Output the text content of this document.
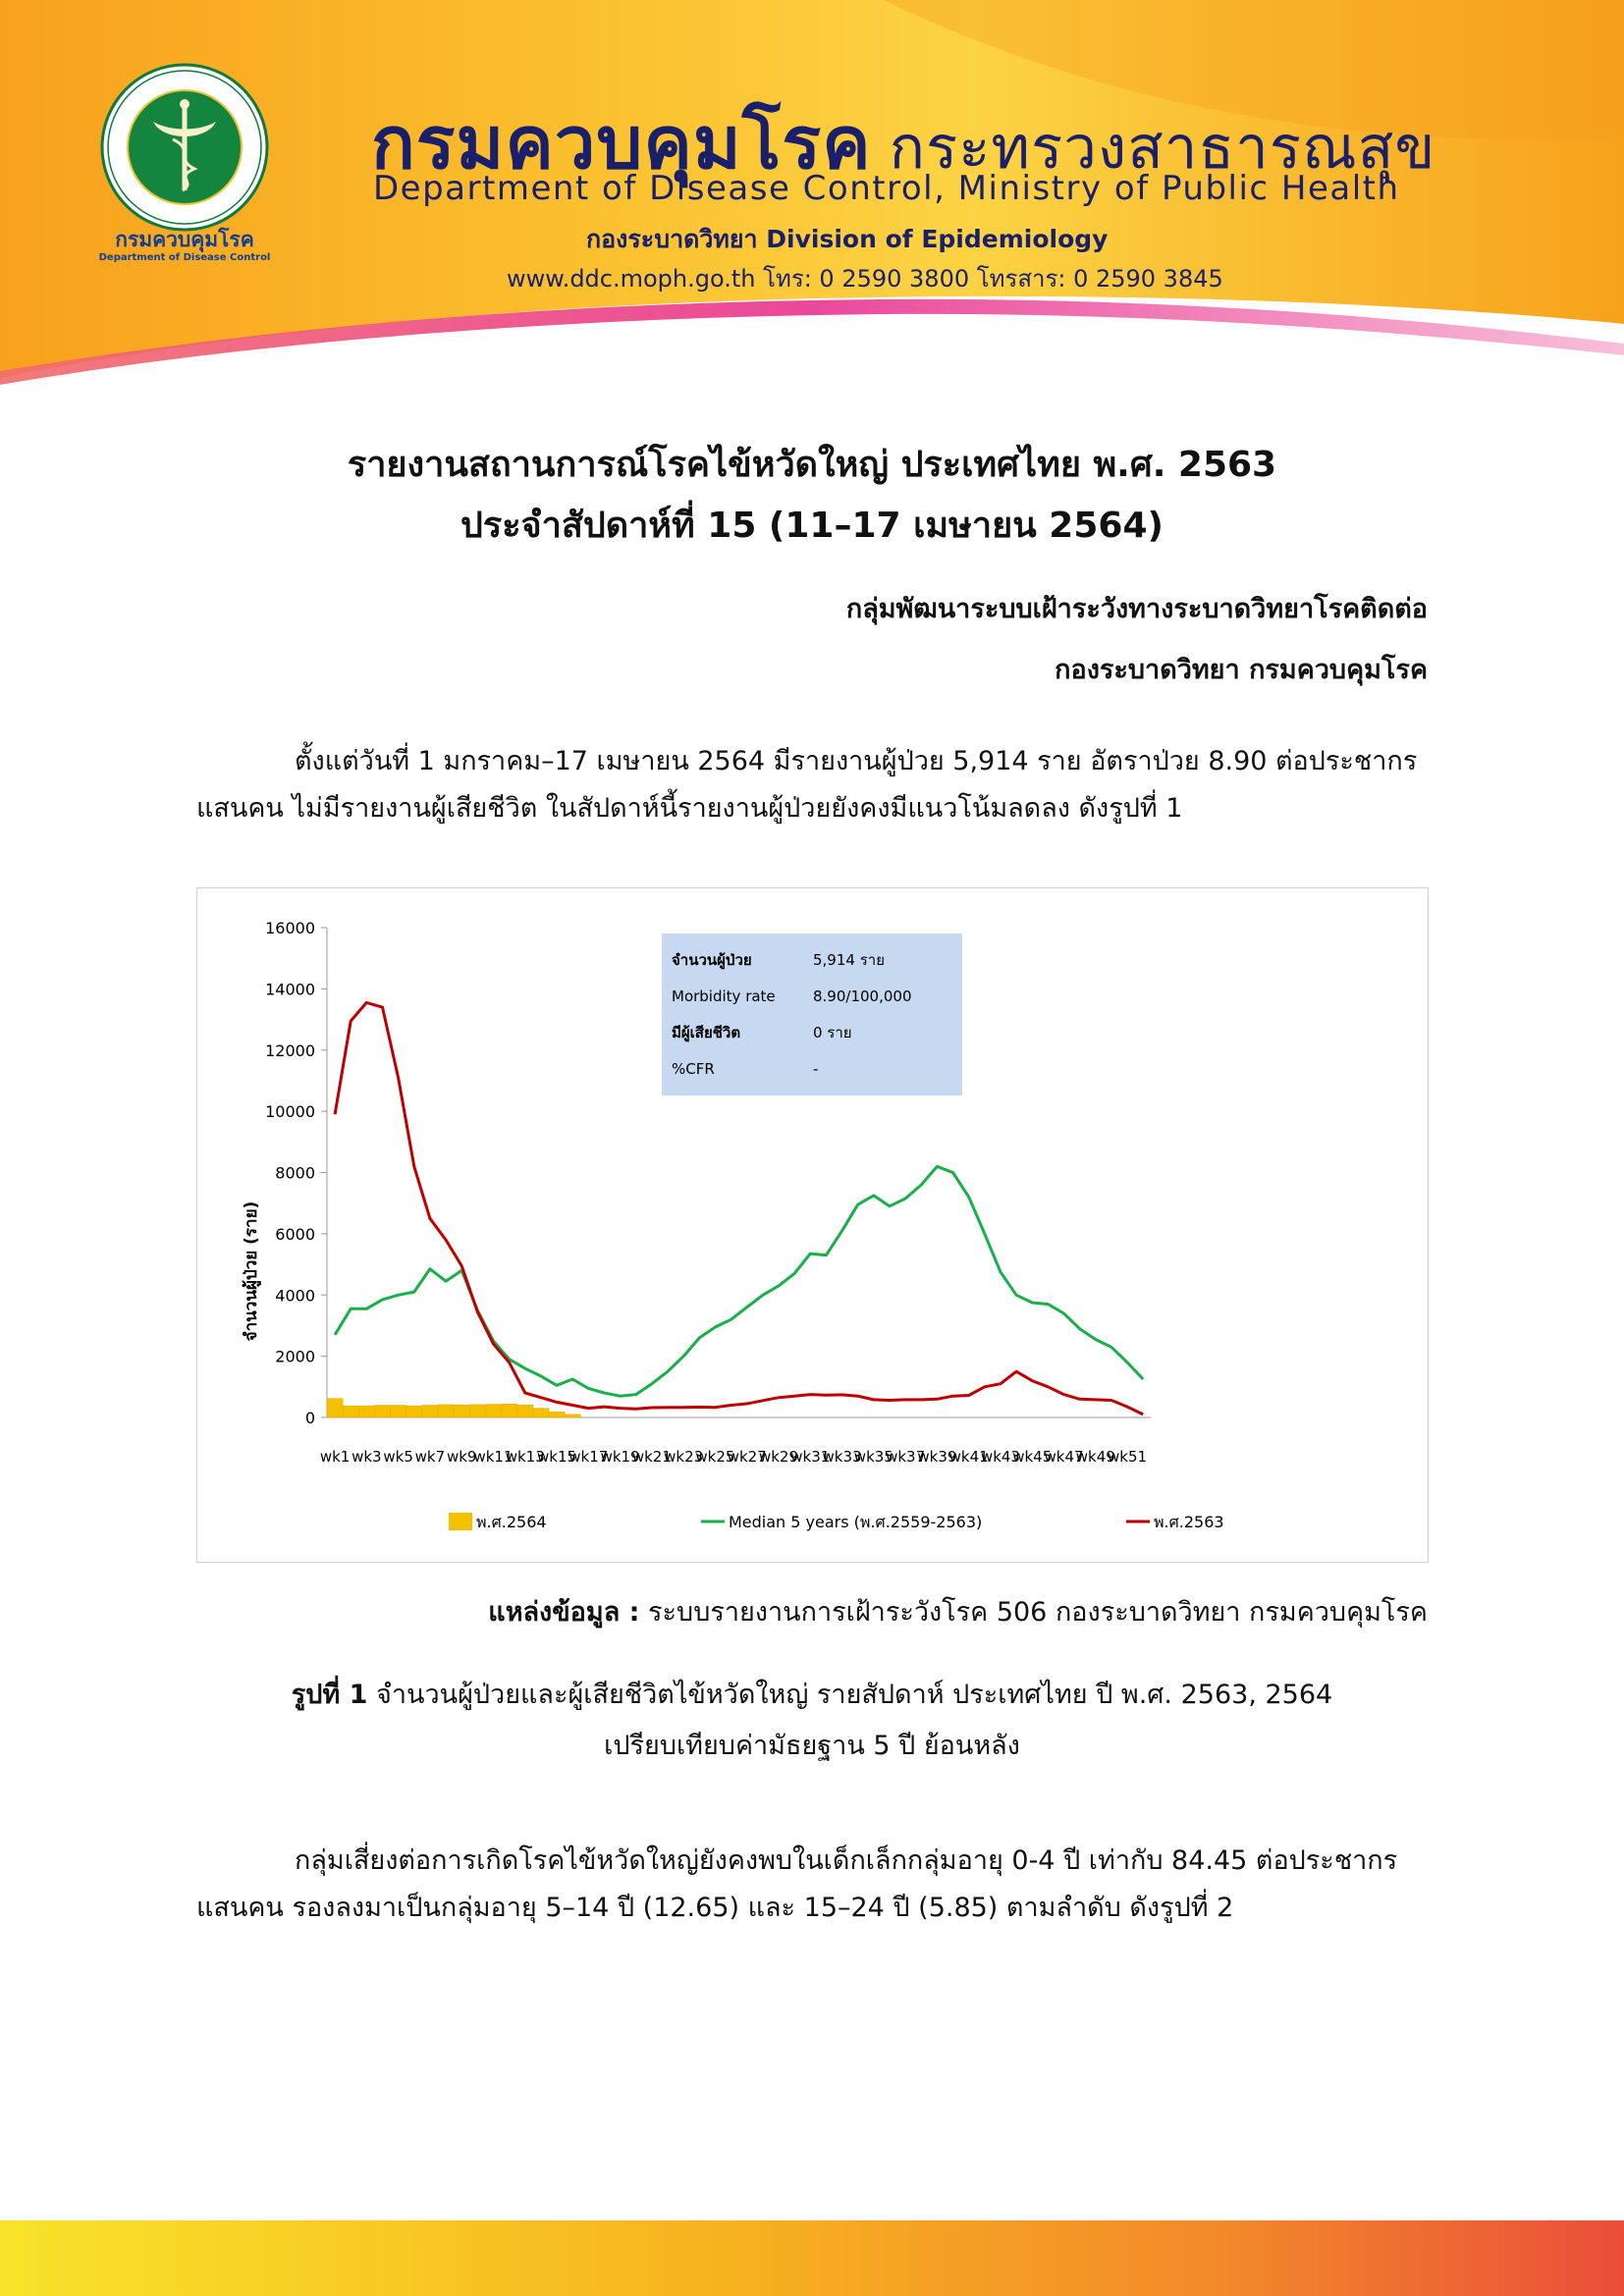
กรมควบคุมโรค
Department of Disease Control
กรมควบคุมโรค กระทรวงสาธารณสุข
Department of Disease Control, Ministry of Public Health
กองระบาดวิทยา Division of Epidemiology
www.ddc.moph.go.th โทร: 0 2590 3800 โทรสาร: 0 2590 3845
รายงานสถานการณ์โรคไข้หวัดใหญ่ ประเทศไทย พ.ศ. 2563
ประจำสัปดาห์ที่ 15 (11–17 เมษายน 2564)
กลุ่มพัฒนาระบบเฝ้าระวังทางระบาดวิทยาโรคติดต่อ
กองระบาดวิทยา กรมควบคุมโรค
ตั้งแต่วันที่ 1 มกราคม–17 เมษายน 2564 มีรายงานผู้ป่วย 5,914 ราย อัตราป่วย 8.90 ต่อประชากรแสนคน ไม่มีรายงานผู้เสียชีวิต ในสัปดาห์นี้รายงานผู้ป่วยยังคงมีแนวโน้มลดลง ดังรูปที่ 1
0
2000
4000
6000
8000
10000
12000
14000
16000
wk1 wk3 wk5 wk7 wk9
wk11
wk13
wk15
wk17
wk19
wk21
wk23
wk25
wk27
wk29
wk31
wk33
wk35
wk37
wk39
wk41
wk43
wk45
wk47
wk49
wk51
จำนวนผู้ป่วย (ราย)
จำนวนผู้ป่วย	5,914 ราย
Morbidity rate	8.90/100,000
มีผู้เสียชีวิต	0 ราย
%CFR	-
พ.ศ.2564	Median 5 years (พ.ศ.2559-2563)	พ.ศ.2563
แหล่งข้อมูล : ระบบรายงานการเฝ้าระวังโรค 506 กองระบาดวิทยา กรมควบคุมโรค
รูปที่ 1 จำนวนผู้ป่วยและผู้เสียชีวิตไข้หวัดใหญ่ รายสัปดาห์ ประเทศไทย ปี พ.ศ. 2563, 2564
เปรียบเทียบค่ามัธยฐาน 5 ปี ย้อนหลัง
กลุ่มเสี่ยงต่อการเกิดโรคไข้หวัดใหญ่ยังคงพบในเด็กเล็กกลุ่มอายุ 0-4 ปี เท่ากับ 84.45 ต่อประชากรแสนคน รองลงมาเป็นกลุ่มอายุ 5–14 ปี (12.65) และ 15–24 ปี (5.85) ตามลำดับ ดังรูปที่ 2
